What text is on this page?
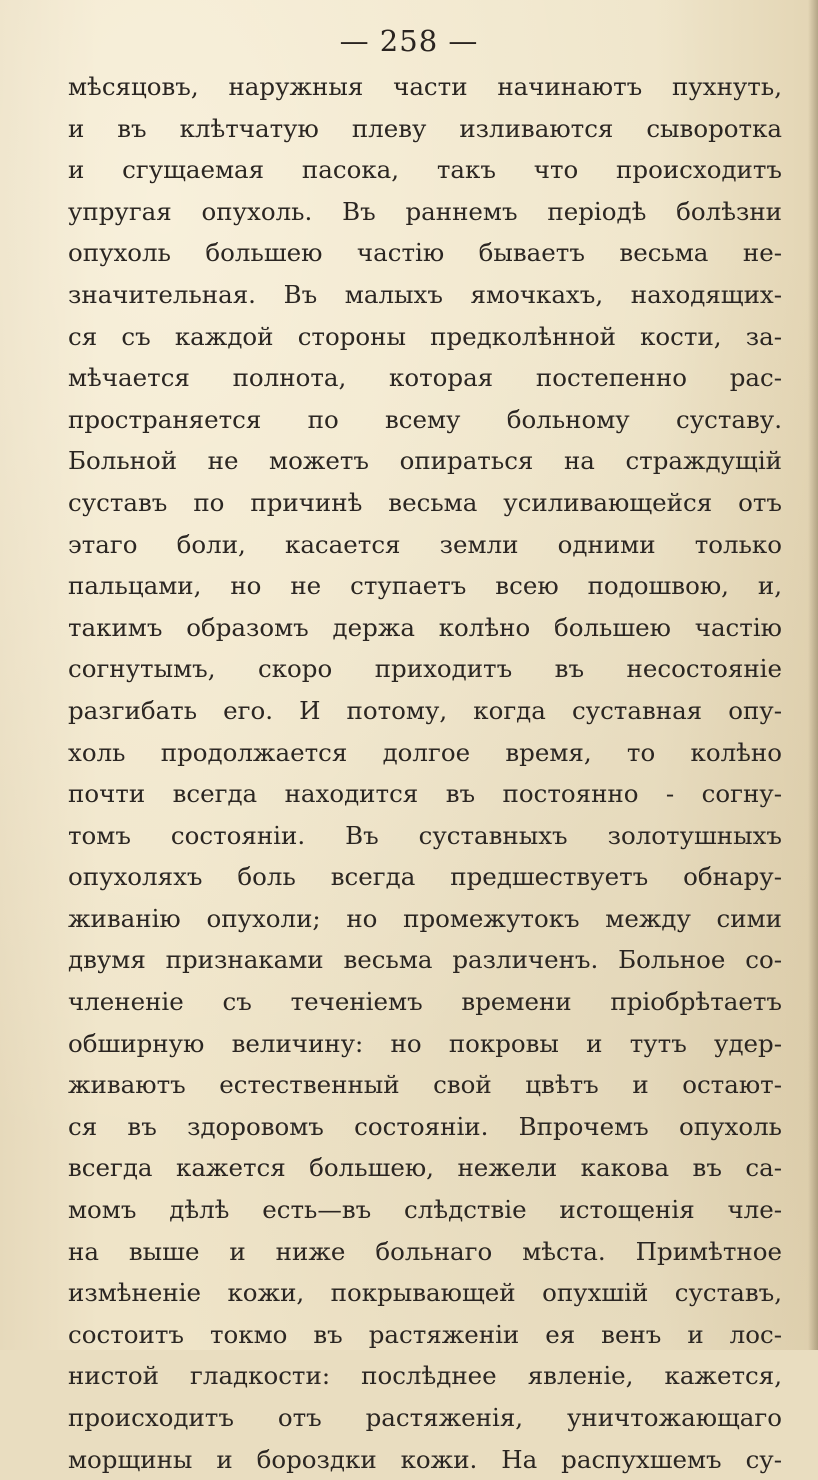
— 258 —
мѣсяцовъ, наружныя части начинаютъ пухнуть,
и въ клѣтчатую плеву изливаются сыворотка
и сгущаемая пасока, такъ что происходитъ
упругая опухоль. Въ раннемъ періодѣ болѣзни
опухоль большею частію бываетъ весьма не-
значительная. Въ малыхъ ямочкахъ, находящих-
ся съ каждой стороны предколѣнной кости, за-
мѣчается полнота, которая постепенно рас-
пространяется по всему больному суставу.
Больной не можетъ опираться на страждущій
суставъ по причинѣ весьма усиливающейся отъ
этаго боли, касается земли одними только
пальцами, но не ступаетъ всею подошвою, и,
такимъ образомъ держа колѣно большею частію
согнутымъ, скоро приходитъ въ несостояніе
разгибать его. И потому, когда суставная опу-
холь продолжается долгое время, то колѣно
почти всегда находится въ постоянно - согну-
томъ состояніи. Въ суставныхъ золотушныхъ
опухоляхъ боль всегда предшествуетъ обнару-
живанію опухоли; но промежутокъ между сими
двумя признаками весьма различенъ. Больное со-
члененіе съ теченіемъ времени пріобрѣтаетъ
обширную величину: но покровы и тутъ удер-
живаютъ естественный свой цвѣтъ и остают-
ся въ здоровомъ состояніи. Впрочемъ опухоль
всегда кажется большею, нежели какова въ са-
момъ дѣлѣ есть—въ слѣдствіе истощенія чле-
на выше и ниже больнаго мѣста. Примѣтное
измѣненіе кожи, покрывающей опухшій суставъ,
состоитъ токмо въ растяженіи ея венъ и лос-
нистой гладкости: послѣднее явленіе, кажется,
происходитъ отъ растяженія, уничтожающаго
морщины и бороздки кожи. На распухшемъ су-
